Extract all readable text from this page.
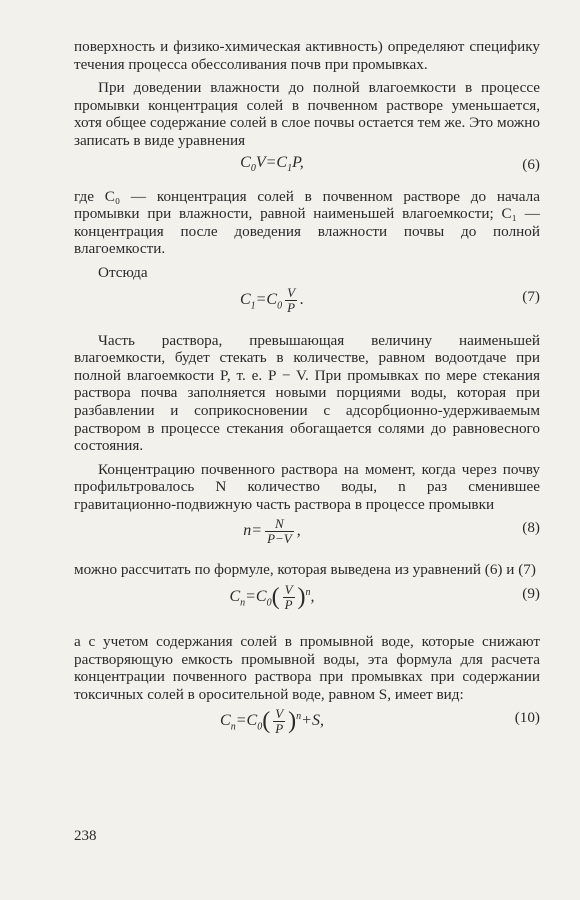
поверхность и физико-химическая активность) определяют специфику течения процесса обессоливания почв при промывках.

При доведении влажности до полной влагоемкости в процессе промывки концентрация солей в почвенном растворе уменьшается, хотя общее содержание солей в слое почвы остается тем же. Это можно записать в виде уравнения

$C_0V=C_1P$,	(6)

где C₀ — концентрация солей в почвенном растворе до начала промывки при влажности, равной наименьшей влагоемкости; C₁ — концентрация после доведения влажности почвы до полной влагоемкости.

Отсюда

$C_1=C_0 \frac{V}{P}$ .	(7)

Часть раствора, превышающая величину наименьшей влагоемкости, будет стекать в количестве, равном водоотдаче при полной влагоемкости P, т. е. P − V. При промывках по мере стекания раствора почва заполняется новыми порциями воды, которая при разбавлении и соприкосновении с адсорбционно-удерживаемым раствором в процессе стекания обогащается солями до равновесного состояния.

Концентрацию почвенного раствора на момент, когда через почву профильтровалось N количество воды, n раз сменившее гравитационно-подвижную часть раствора в процессе промывки

$n= \frac{N}{P-V}$ ,	(8)

можно рассчитать по формуле, которая выведена из уравнений (6) и (7)

$C_n=C_0( \frac{V}{P} )^n$,	(9)

а с учетом содержания солей в промывной воде, которые снижают растворяющую емкость промывной воды, эта формула для расчета концентрации почвенного раствора при промывках при содержании токсичных солей в оросительной воде, равном S, имеет вид:

$C_n=C_0( \frac{V}{P} )^n+S$,	(10)
238
